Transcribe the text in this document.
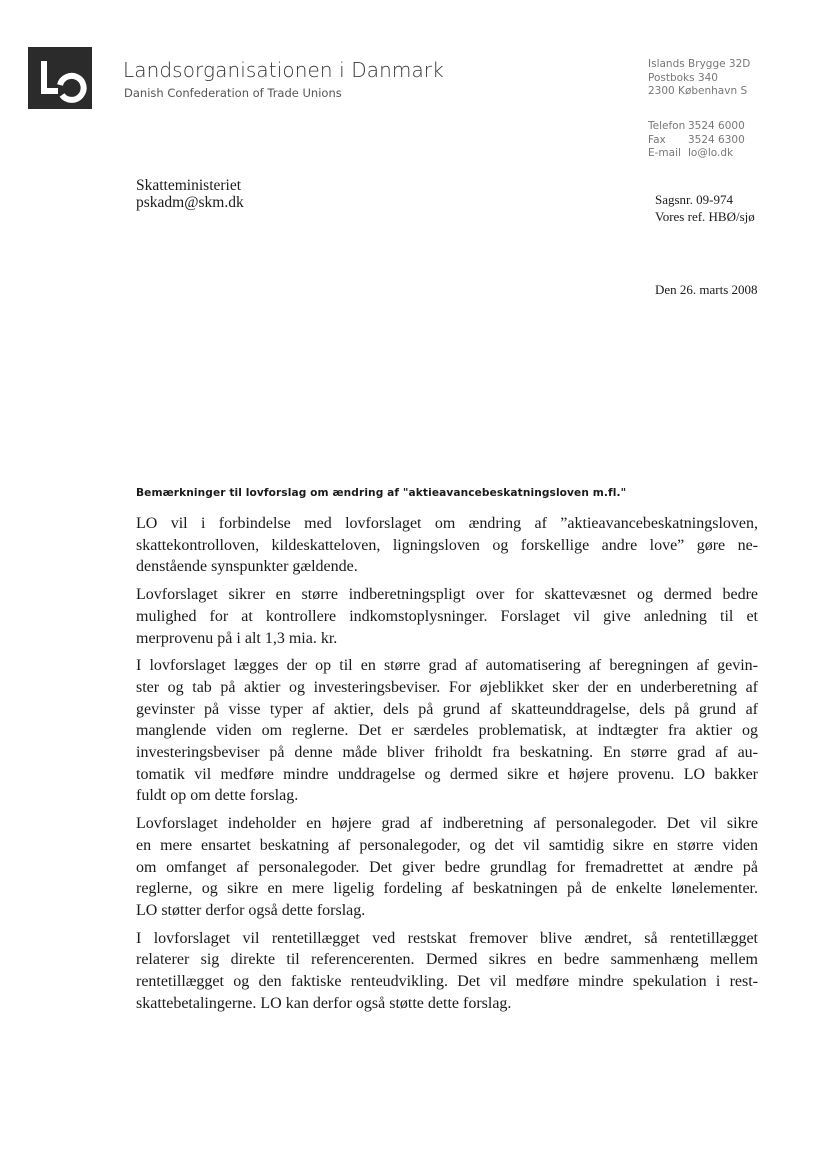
Landsorganisationen i Danmark
Danish Confederation of Trade Unions
Islands Brygge 32D
Postboks 340
2300 København S
Telefon 3524 6000
Fax 3524 6300
E-mail lo@lo.dk
Skatteministeriet
pskadm@skm.dk	Sagsnr. 09-974
Vores ref. HBØ/sjø
Den 26. marts 2008
Bemærkninger til lovforslag om ændring af "aktieavancebeskatningsloven m.fl."

LO vil i forbindelse med lovforslaget om ændring af ”aktieavancebeskatningsloven,
skattekontrolloven, kildeskatteloven, ligningsloven og forskellige andre love” gøre ne-
denstående synspunkter gældende.

Lovforslaget sikrer en større indberetningspligt over for skattevæsnet og dermed bedre
mulighed for at kontrollere indkomstoplysninger. Forslaget vil give anledning til et
merprovenu på i alt 1,3 mia. kr.

I lovforslaget lægges der op til en større grad af automatisering af beregningen af gevin-
ster og tab på aktier og investeringsbeviser. For øjeblikket sker der en underberetning af
gevinster på visse typer af aktier, dels på grund af skatteunddragelse, dels på grund af
manglende viden om reglerne. Det er særdeles problematisk, at indtægter fra aktier og
investeringsbeviser på denne måde bliver friholdt fra beskatning. En større grad af au-
tomatik vil medføre mindre unddragelse og dermed sikre et højere provenu. LO bakker
fuldt op om dette forslag.

Lovforslaget indeholder en højere grad af indberetning af personalegoder. Det vil sikre
en mere ensartet beskatning af personalegoder, og det vil samtidig sikre en større viden
om omfanget af personalegoder. Det giver bedre grundlag for fremadrettet at ændre på
reglerne, og sikre en mere ligelig fordeling af beskatningen på de enkelte lønelementer.
LO støtter derfor også dette forslag.

I lovforslaget vil rentetillægget ved restskat fremover blive ændret, så rentetillægget
relaterer sig direkte til referencerenten. Dermed sikres en bedre sammenhæng mellem
rentetillægget og den faktiske renteudvikling. Det vil medføre mindre spekulation i rest-
skattebetalingerne. LO kan derfor også støtte dette forslag.
